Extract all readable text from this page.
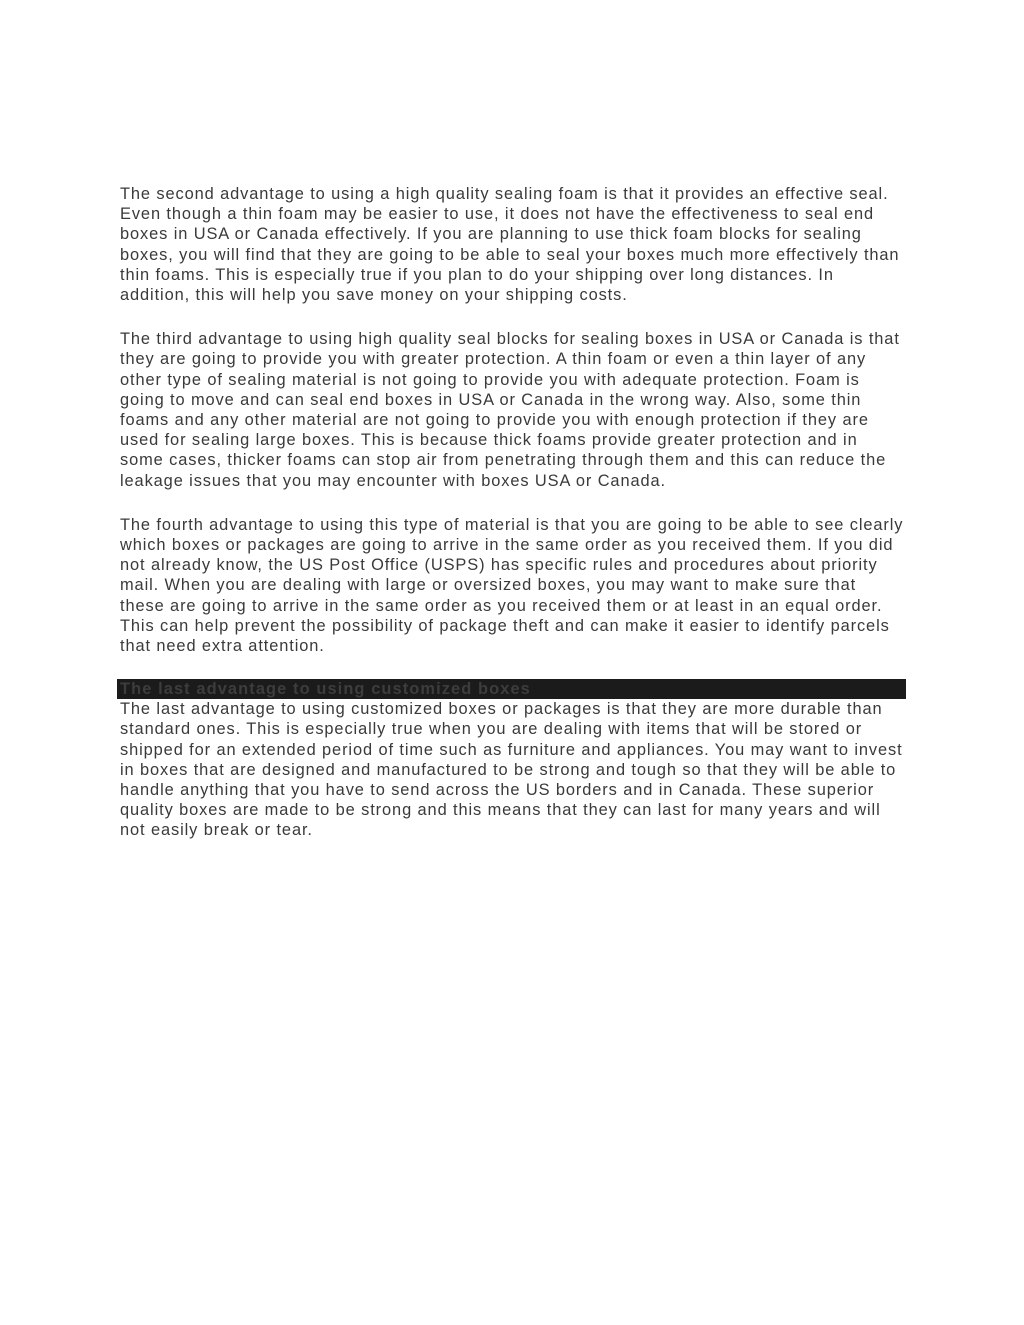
The second advantage to using a high quality sealing foam is that it provides an effective seal. Even though a thin foam may be easier to use, it does not have the effectiveness to seal end boxes in USA or Canada effectively. If you are planning to use thick foam blocks for sealing boxes, you will find that they are going to be able to seal your boxes much more effectively than thin foams. This is especially true if you plan to do your shipping over long distances. In addition, this will help you save money on your shipping costs.

The third advantage to using high quality seal blocks for sealing boxes in USA or Canada is that they are going to provide you with greater protection. A thin foam or even a thin layer of any other type of sealing material is not going to provide you with adequate protection. Foam is going to move and can seal end boxes in USA or Canada in the wrong way. Also, some thin foams and any other material are not going to provide you with enough protection if they are used for sealing large boxes. This is because thick foams provide greater protection and in some cases, thicker foams can stop air from penetrating through them and this can reduce the leakage issues that you may encounter with boxes USA or Canada.

The fourth advantage to using this type of material is that you are going to be able to see clearly which boxes or packages are going to arrive in the same order as you received them. If you did not already know, the US Post Office (USPS) has specific rules and procedures about priority mail. When you are dealing with large or oversized boxes, you may want to make sure that these are going to arrive in the same order as you received them or at least in an equal order. This can help prevent the possibility of package theft and can make it easier to identify parcels that need extra attention.

The last advantage to using customized boxes

The last advantage to using customized boxes or packages is that they are more durable than standard ones. This is especially true when you are dealing with items that will be stored or shipped for an extended period of time such as furniture and appliances. You may want to invest in boxes that are designed and manufactured to be strong and tough so that they will be able to handle anything that you have to send across the US borders and in Canada. These superior quality boxes are made to be strong and this means that they can last for many years and will not easily break or tear.
